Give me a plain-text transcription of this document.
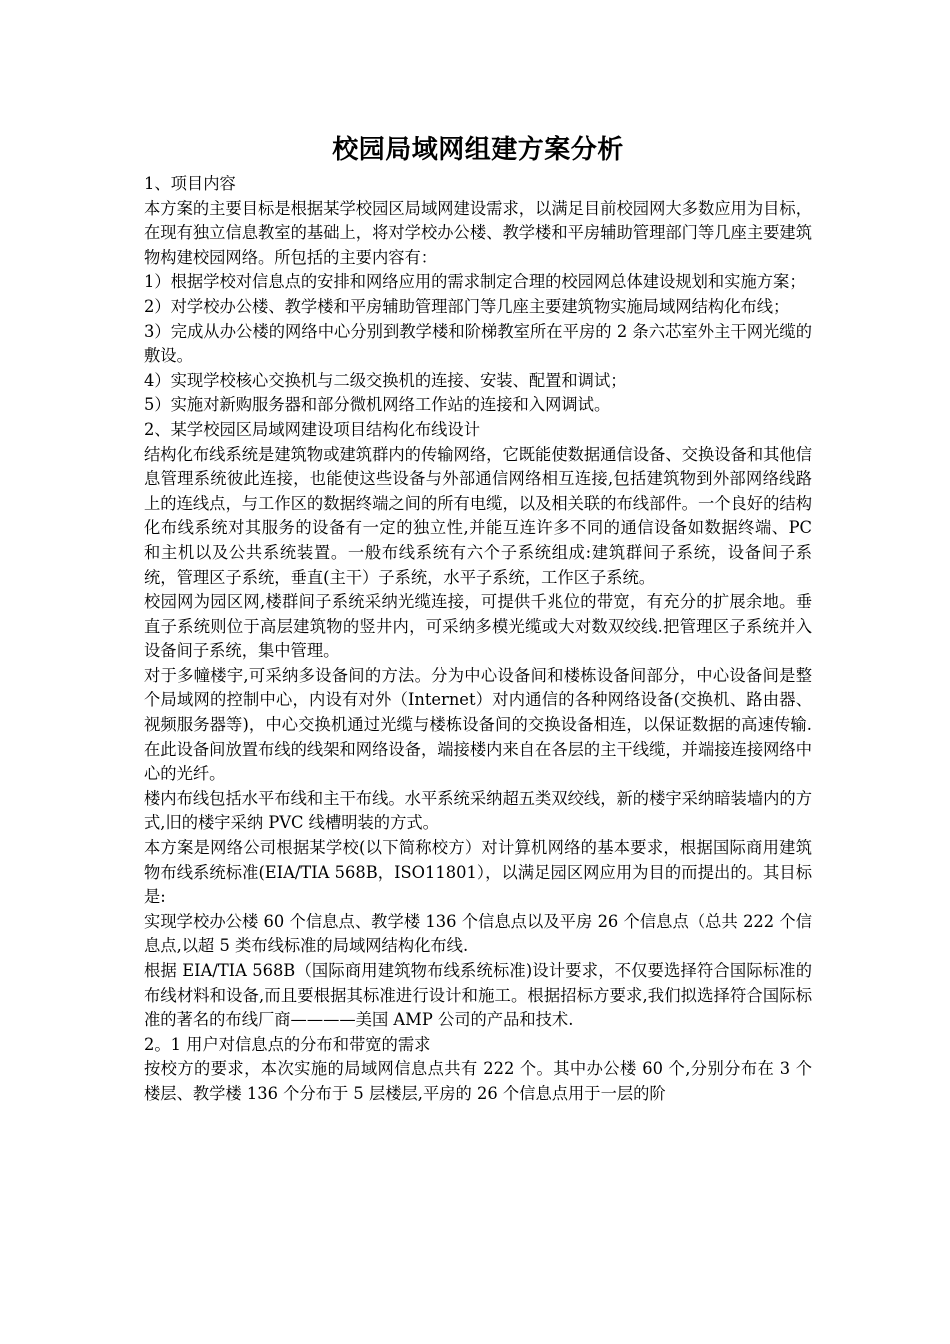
校园局域网组建方案分析

1、项目内容

本方案的主要目标是根据某学校园区局域网建设需求，以满足目前校园网大多数应用为目标，在现有独立信息教室的基础上，将对学校办公楼、教学楼和平房辅助管理部门等几座主要建筑物构建校园网络。所包括的主要内容有：

1）根据学校对信息点的安排和网络应用的需求制定合理的校园网总体建设规划和实施方案；

2）对学校办公楼、教学楼和平房辅助管理部门等几座主要建筑物实施局域网结构化布线；

3）完成从办公楼的网络中心分别到教学楼和阶梯教室所在平房的 2 条六芯室外主干网光缆的敷设。

4）实现学校核心交换机与二级交换机的连接、安装、配置和调试；

5）实施对新购服务器和部分微机网络工作站的连接和入网调试。

2、某学校园区局域网建设项目结构化布线设计

结构化布线系统是建筑物或建筑群内的传输网络，它既能使数据通信设备、交换设备和其他信息管理系统彼此连接，也能使这些设备与外部通信网络相互连接,包括建筑物到外部网络线路上的连线点，与工作区的数据终端之间的所有电缆，以及相关联的布线部件。一个良好的结构化布线系统对其服务的设备有一定的独立性,并能互连许多不同的通信设备如数据终端、PC 和主机以及公共系统装置。一般布线系统有六个子系统组成:建筑群间子系统，设备间子系统，管理区子系统，垂直(主干）子系统，水平子系统，工作区子系统。

校园网为园区网,楼群间子系统采纳光缆连接，可提供千兆位的带宽，有充分的扩展余地。垂直子系统则位于高层建筑物的竖井内，可采纳多模光缆或大对数双绞线.把管理区子系统并入设备间子系统，集中管理。

对于多幢楼宇,可采纳多设备间的方法。分为中心设备间和楼栋设备间部分，中心设备间是整个局域网的控制中心，内设有对外（Internet）对内通信的各种网络设备(交换机、路由器、视频服务器等)，中心交换机通过光缆与楼栋设备间的交换设备相连，以保证数据的高速传输.在此设备间放置布线的线架和网络设备，端接楼内来自在各层的主干线缆，并端接连接网络中心的光纤。

楼内布线包括水平布线和主干布线。水平系统采纳超五类双绞线，新的楼宇采纳暗装墙内的方式,旧的楼宇采纳 PVC 线槽明装的方式。

本方案是网络公司根据某学校(以下简称校方）对计算机网络的基本要求，根据国际商用建筑物布线系统标准(EIA/TIA 568B，ISO11801），以满足园区网应用为目的而提出的。其目标是:

实现学校办公楼 60 个信息点、教学楼 136 个信息点以及平房 26 个信息点（总共 222 个信息点,以超 5 类布线标准的局域网结构化布线.

根据 EIA/TIA 568B（国际商用建筑物布线系统标准)设计要求，不仅要选择符合国际标准的布线材料和设备,而且要根据其标准进行设计和施工。根据招标方要求,我们拟选择符合国际标准的著名的布线厂商————美国 AMP 公司的产品和技术.

2。1 用户对信息点的分布和带宽的需求

按校方的要求，本次实施的局域网信息点共有 222 个。其中办公楼 60 个,分别分布在 3 个楼层、教学楼 136 个分布于 5 层楼层,平房的 26 个信息点用于一层的阶
